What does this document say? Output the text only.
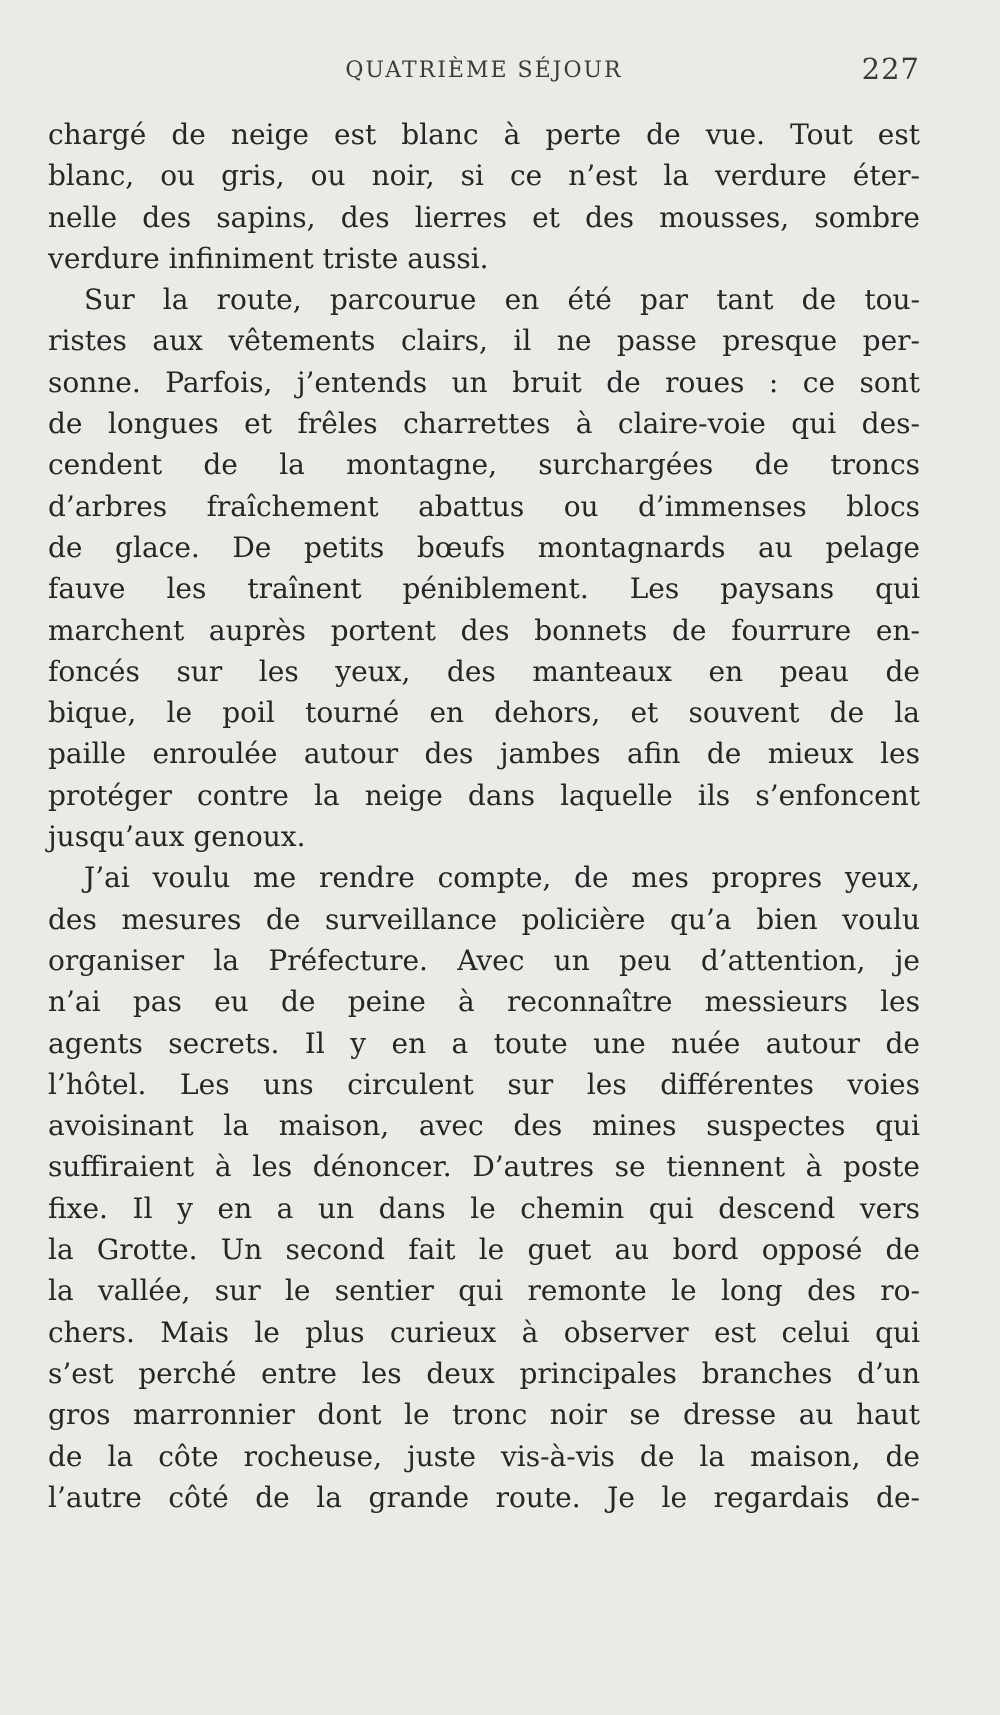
QUATRIÈME SÉJOUR	227
chargé de neige est blanc à perte de vue. Tout est
blanc, ou gris, ou noir, si ce n’est la verdure éter-
nelle des sapins, des lierres et des mousses, sombre
verdure infiniment triste aussi.
Sur la route, parcourue en été par tant de tou-
ristes aux vêtements clairs, il ne passe presque per-
sonne. Parfois, j’entends un bruit de roues : ce sont
de longues et frêles charrettes à claire-voie qui des-
cendent de la montagne, surchargées de troncs
d’arbres fraîchement abattus ou d’immenses blocs
de glace. De petits bœufs montagnards au pelage
fauve les traînent péniblement. Les paysans qui
marchent auprès portent des bonnets de fourrure en-
foncés sur les yeux, des manteaux en peau de
bique, le poil tourné en dehors, et souvent de la
paille enroulée autour des jambes afin de mieux les
protéger contre la neige dans laquelle ils s’enfoncent
jusqu’aux genoux.
J’ai voulu me rendre compte, de mes propres yeux,
des mesures de surveillance policière qu’a bien voulu
organiser la Préfecture. Avec un peu d’attention, je
n’ai pas eu de peine à reconnaître messieurs les
agents secrets. Il y en a toute une nuée autour de
l’hôtel. Les uns circulent sur les différentes voies
avoisinant la maison, avec des mines suspectes qui
suffiraient à les dénoncer. D’autres se tiennent à poste
fixe. Il y en a un dans le chemin qui descend vers
la Grotte. Un second fait le guet au bord opposé de
la vallée, sur le sentier qui remonte le long des ro-
chers. Mais le plus curieux à observer est celui qui
s’est perché entre les deux principales branches d’un
gros marronnier dont le tronc noir se dresse au haut
de la côte rocheuse, juste vis-à-vis de la maison, de
l’autre côté de la grande route. Je le regardais de-
